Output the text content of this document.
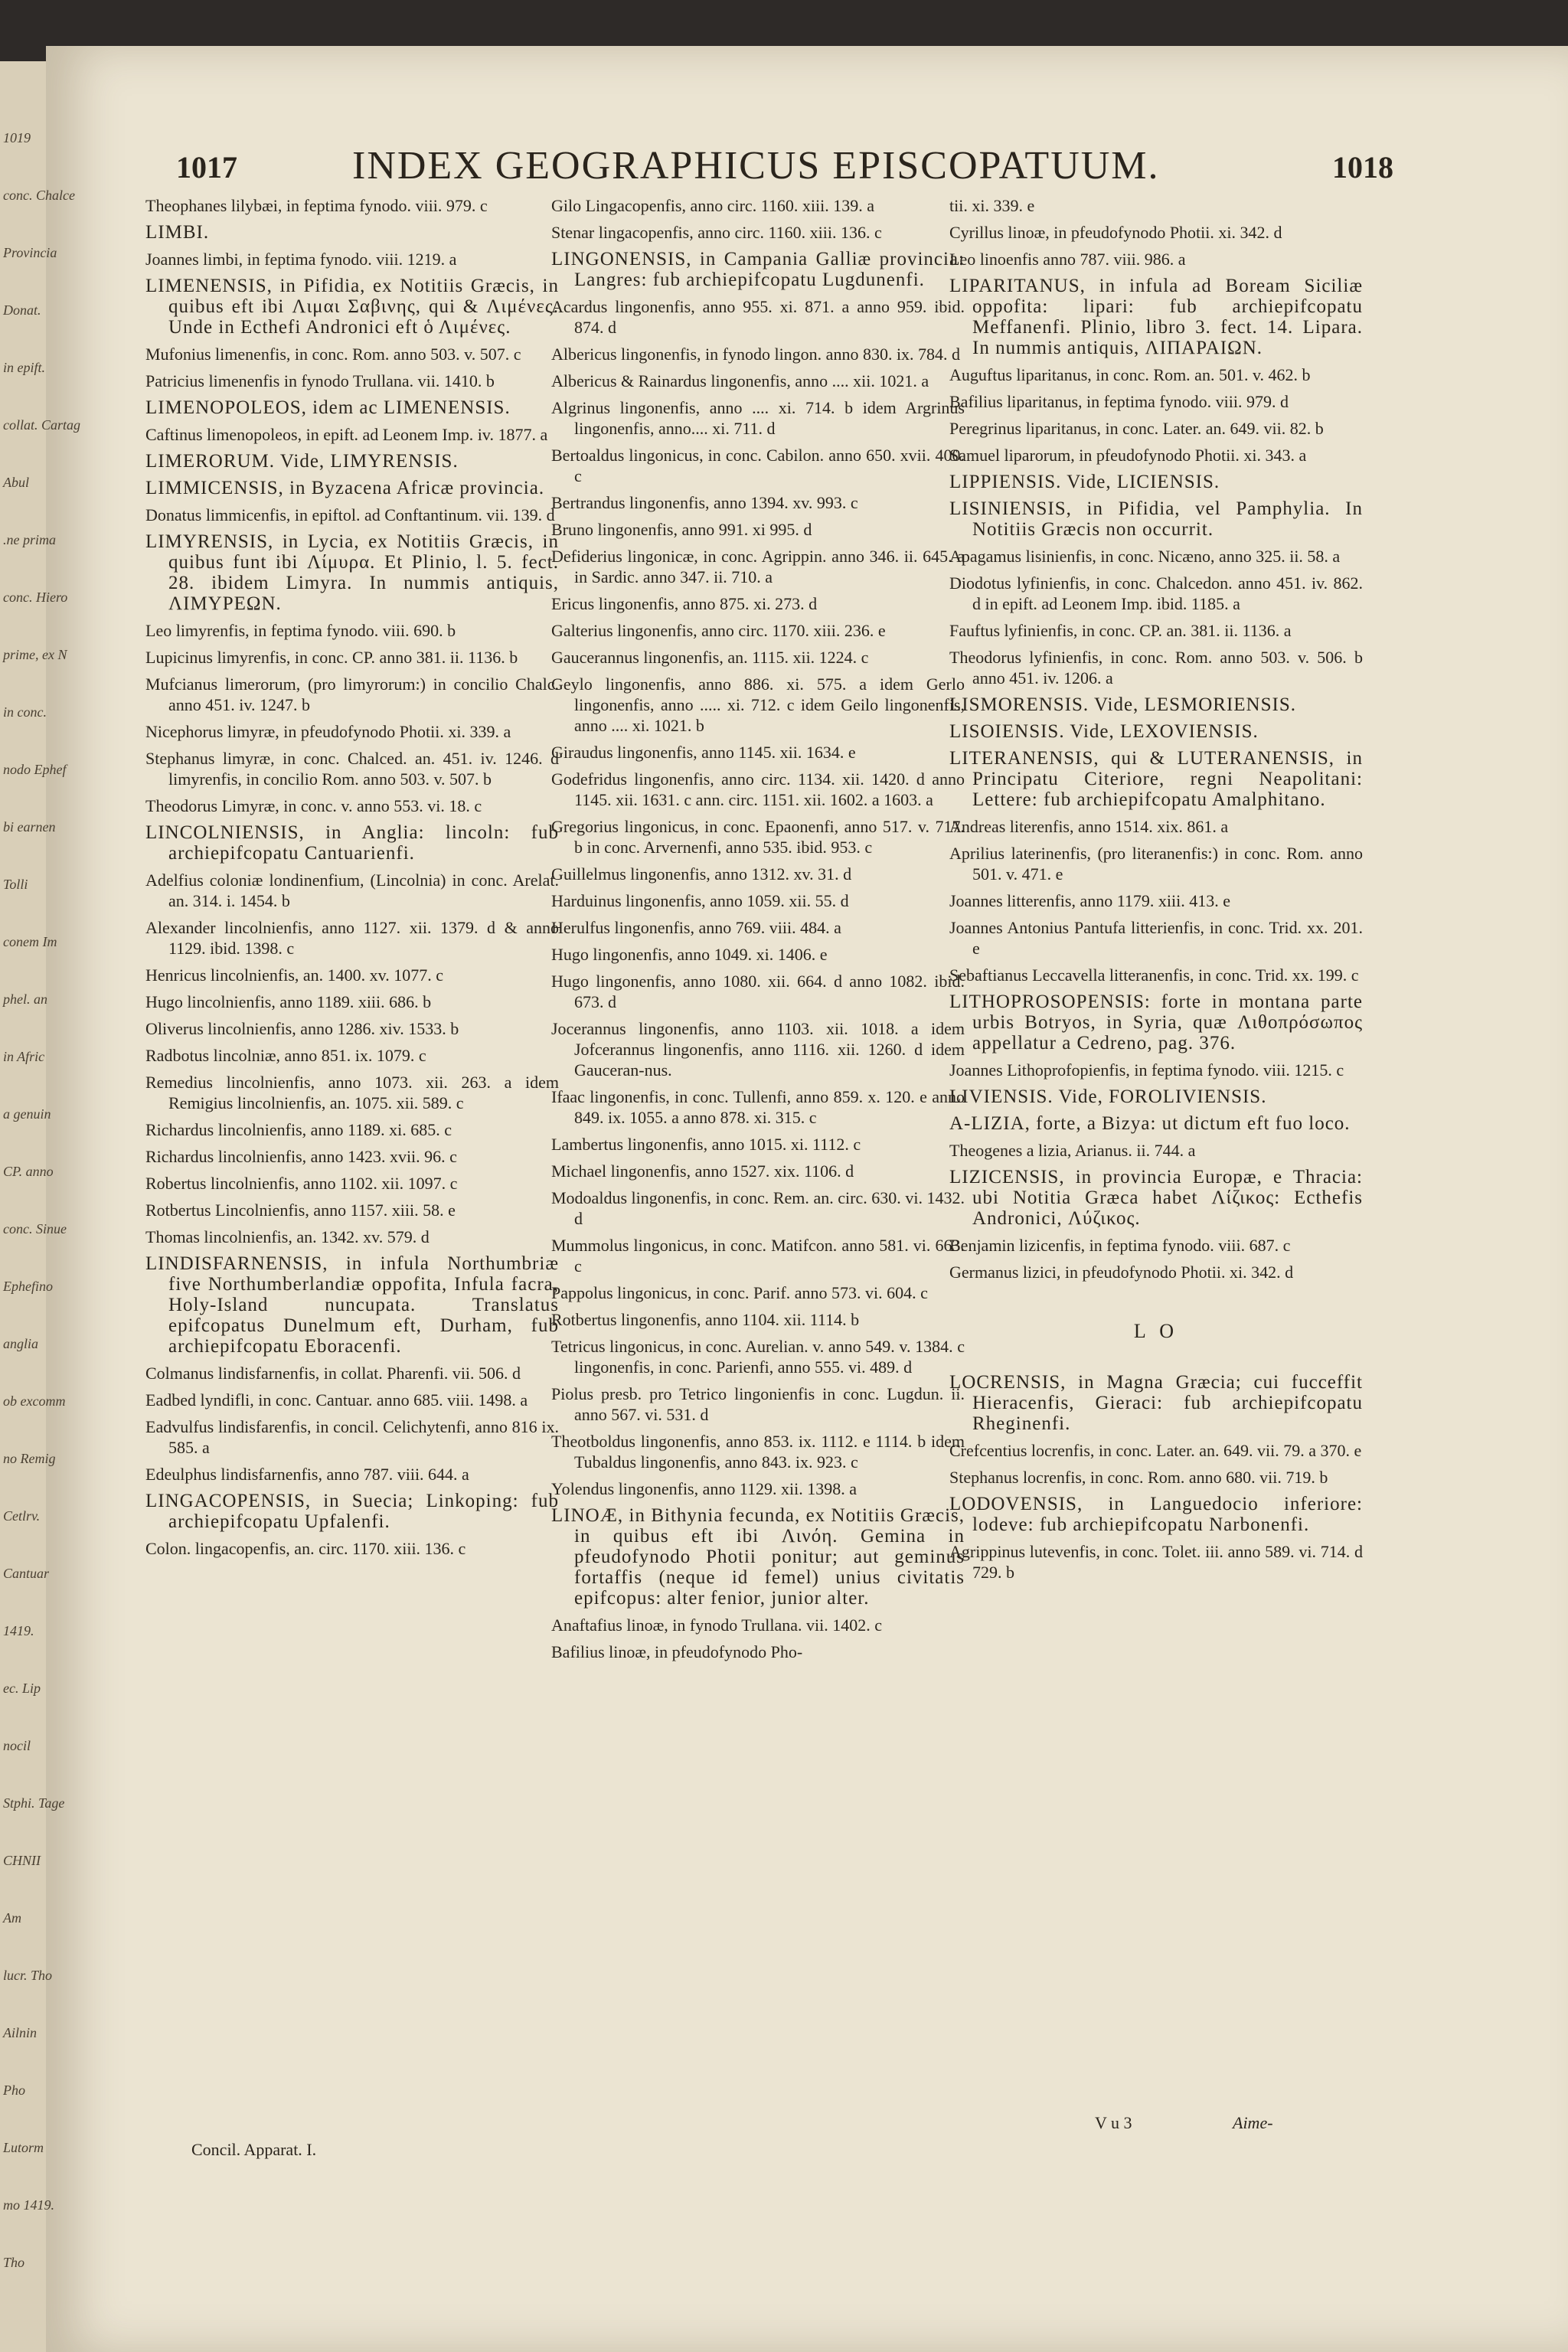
1019
conc. Chalce
Provincia
Donat.
in epift.
collat. Cartag
Abul
.ne prima
conc. Hiero
prime, ex N
in conc.
nodo Ephef
bi earnen
Tolli
conem Im
phel. an
in Afric
a genuin
CP. anno
conc. Sinue
Ephefino
anglia
ob excomm
no Remig
Cetlrv.
Cantuar
1419.
ec. Lip
nocil
Stphi. Tage
CHNII
Am
lucr. Tho
Ailnin
Pho
Lutorm
mo 1419.
Tho
1017	INDEX GEOGRAPHICUS EPISCOPATUUM.	1018

Theophanes lilybæi, in feptima fynodo. viii. 979. c

LIMBI.

Joannes limbi, in feptima fynodo. viii. 1219. a

LIMENENSIS, in Pifidia, ex Notitiis Græcis, in quibus eft ibi Λιμαι Σαβινης, qui & Λιμένες. Unde in Ecthefi Andronici eft ὁ Λιμένες.

Mufonius limenenfis, in conc. Rom. anno 503. v. 507. c

Patricius limenenfis in fynodo Trullana. vii. 1410. b

LIMENOPOLEOS, idem ac LIMENENSIS.

Caftinus limenopoleos, in epift. ad Leonem Imp. iv. 1877. a

LIMERORUM. Vide, LIMYRENSIS.

LIMMICENSIS, in Byzacena Africæ provincia.

Donatus limmicenfis, in epiftol. ad Conftantinum. vii. 139. d

LIMYRENSIS, in Lycia, ex Notitiis Græcis, in quibus funt ibi Λίμυρα. Et Plinio, l. 5. fect. 28. ibidem Limyra. In nummis antiquis, ΛΙΜΥΡΕΩΝ.

Leo limyrenfis, in feptima fynodo. viii. 690. b

Lupicinus limyrenfis, in conc. CP. anno 381. ii. 1136. b

Mufcianus limerorum, (pro limyrorum:) in concilio Chalc. anno 451. iv. 1247. b

Nicephorus limyræ, in pfeudofynodo Photii. xi. 339. a

Stephanus limyræ, in conc. Chalced. an. 451. iv. 1246. d limyrenfis, in concilio Rom. anno 503. v. 507. b

Theodorus Limyræ, in conc. v. anno 553. vi. 18. c

LINCOLNIENSIS, in Anglia: lincoln: fub archiepifcopatu Cantuarienfi.

Adelfius coloniæ londinenfium, (Lincolnia) in conc. Arelat. an. 314. i. 1454. b

Alexander lincolnienfis, anno 1127. xii. 1379. d & anno 1129. ibid. 1398. c

Henricus lincolnienfis, an. 1400. xv. 1077. c

Hugo lincolnienfis, anno 1189. xiii. 686. b

Oliverus lincolnienfis, anno 1286. xiv. 1533. b

Radbotus lincolniæ, anno 851. ix. 1079. c

Remedius lincolnienfis, anno 1073. xii. 263. a idem Remigius lincolnienfis, an. 1075. xii. 589. c

Richardus lincolnienfis, anno 1189. xi. 685. c

Richardus lincolnienfis, anno 1423. xvii. 96. c

Robertus lincolnienfis, anno 1102. xii. 1097. c

Rotbertus Lincolnienfis, anno 1157. xiii. 58. e

Thomas lincolnienfis, an. 1342. xv. 579. d

LINDISFARNENSIS, in infula Northumbriæ five Northumberlandiæ oppofita, Infula facra, Holy-Island nuncupata. Translatus epifcopatus Dunelmum eft, Durham, fub archiepifcopatu Eboracenfi.

Colmanus lindisfarnenfis, in collat. Pharenfi. vii. 506. d

Eadbed lyndifli, in conc. Cantuar. anno 685. viii. 1498. a

Eadvulfus lindisfarenfis, in concil. Celichytenfi, anno 816 ix. 585. a

Edeulphus lindisfarnenfis, anno 787. viii. 644. a

LINGACOPENSIS, in Suecia; Linkoping: fub archiepifcopatu Upfalenfi.

Colon. lingacopenfis, an. circ. 1170. xiii. 136. c

Gilo Lingacopenfis, anno circ. 1160. xiii. 139. a

Stenar lingacopenfis, anno circ. 1160. xiii. 136. c

LINGONENSIS, in Campania Galliæ provincia: Langres: fub archiepifcopatu Lugdunenfi.

Acardus lingonenfis, anno 955. xi. 871. a anno 959. ibid. 874. d

Albericus lingonenfis, in fynodo lingon. anno 830. ix. 784. d

Albericus & Rainardus lingonenfis, anno .... xii. 1021. a

Algrinus lingonenfis, anno .... xi. 714. b idem Argrinus lingonenfis, anno.... xi. 711. d

Bertoaldus lingonicus, in conc. Cabilon. anno 650. xvii. 400. c

Bertrandus lingonenfis, anno 1394. xv. 993. c

Bruno lingonenfis, anno 991. xi 995. d

Defiderius lingonicæ, in conc. Agrippin. anno 346. ii. 645. a in Sardic. anno 347. ii. 710. a

Ericus lingonenfis, anno 875. xi. 273. d

Galterius lingonenfis, anno circ. 1170. xiii. 236. e

Gaucerannus lingonenfis, an. 1115. xii. 1224. c

Geylo lingonenfis, anno 886. xi. 575. a idem Gerlo lingonenfis, anno ..... xi. 712. c idem Geilo lingonenfis, anno .... xi. 1021. b

Giraudus lingonenfis, anno 1145. xii. 1634. e

Godefridus lingonenfis, anno circ. 1134. xii. 1420. d anno 1145. xii. 1631. c ann. circ. 1151. xii. 1602. a 1603. a

Gregorius lingonicus, in conc. Epaonenfi, anno 517. v. 717. b in conc. Arvernenfi, anno 535. ibid. 953. c

Guillelmus lingonenfis, anno 1312. xv. 31. d

Harduinus lingonenfis, anno 1059. xii. 55. d

Herulfus lingonenfis, anno 769. viii. 484. a

Hugo lingonenfis, anno 1049. xi. 1406. e

Hugo lingonenfis, anno 1080. xii. 664. d anno 1082. ibid. 673. d

Jocerannus lingonenfis, anno 1103. xii. 1018. a idem Jofcerannus lingonenfis, anno 1116. xii. 1260. d idem Gauceran-nus.

Ifaac lingonenfis, in conc. Tullenfi, anno 859. x. 120. e anno 849. ix. 1055. a anno 878. xi. 315. c

Lambertus lingonenfis, anno 1015. xi. 1112. c

Michael lingonenfis, anno 1527. xix. 1106. d

Modoaldus lingonenfis, in conc. Rem. an. circ. 630. vi. 1432. d

Mummolus lingonicus, in conc. Matifcon. anno 581. vi. 663. c

Pappolus lingonicus, in conc. Parif. anno 573. vi. 604. c

Rotbertus lingonenfis, anno 1104. xii. 1114. b

Tetricus lingonicus, in conc. Aurelian. v. anno 549. v. 1384. c lingonenfis, in conc. Parienfi, anno 555. vi. 489. d

Piolus presb. pro Tetrico lingonienfis in conc. Lugdun. ii. anno 567. vi. 531. d

Theotboldus lingonenfis, anno 853. ix. 1112. e 1114. b idem Tubaldus lingonenfis, anno 843. ix. 923. c

Yolendus lingonenfis, anno 1129. xii. 1398. a

LINOÆ, in Bithynia fecunda, ex Notitiis Græcis, in quibus eft ibi Λινόη. Gemina in pfeudofynodo Photii ponitur; aut geminus fortaffis (neque id femel) unius civitatis epifcopus: alter fenior, junior alter.

Anaftafius linoæ, in fynodo Trullana. vii. 1402. c

Bafilius linoæ, in pfeudofynodo Pho-

tii. xi. 339. e

Cyrillus linoæ, in pfeudofynodo Photii. xi. 342. d

Leo linoenfis anno 787. viii. 986. a

LIPARITANUS, in infula ad Boream Siciliæ oppofita: lipari: fub archiepifcopatu Meffanenfi. Plinio, libro 3. fect. 14. Lipara. In nummis antiquis, ΛΙΠΑΡΑΙΩΝ.

Auguftus liparitanus, in conc. Rom. an. 501. v. 462. b

Bafilius liparitanus, in feptima fynodo. viii. 979. d

Peregrinus liparitanus, in conc. Later. an. 649. vii. 82. b

Samuel liparorum, in pfeudofynodo Photii. xi. 343. a

LIPPIENSIS. Vide, LICIENSIS.

LISINIENSIS, in Pifidia, vel Pamphylia. In Notitiis Græcis non occurrit.

Apagamus lisinienfis, in conc. Nicæno, anno 325. ii. 58. a

Diodotus lyfinienfis, in conc. Chalcedon. anno 451. iv. 862. d in epift. ad Leonem Imp. ibid. 1185. a

Fauftus lyfinienfis, in conc. CP. an. 381. ii. 1136. a

Theodorus lyfinienfis, in conc. Rom. anno 503. v. 506. b anno 451. iv. 1206. a

LISMORENSIS. Vide, LESMORIENSIS.

LISOIENSIS. Vide, LEXOVIENSIS.

LITERANENSIS, qui & LUTERANENSIS, in Principatu Citeriore, regni Neapolitani: Lettere: fub archiepifcopatu Amalphitano.

Andreas literenfis, anno 1514. xix. 861. a

Aprilius laterinenfis, (pro literanenfis:) in conc. Rom. anno 501. v. 471. e

Joannes litterenfis, anno 1179. xiii. 413. e

Joannes Antonius Pantufa litterienfis, in conc. Trid. xx. 201. e

Sebaftianus Leccavella litteranenfis, in conc. Trid. xx. 199. c

LITHOPROSOPENSIS: forte in montana parte urbis Botryos, in Syria, quæ Λιθοπρόσωπος appellatur a Cedreno, pag. 376.

Joannes Lithoprofopienfis, in feptima fynodo. viii. 1215. c

LIVIENSIS. Vide, FOROLIVIENSIS.

A-LIZIA, forte, a Bizya: ut dictum eft fuo loco.

Theogenes a lizia, Arianus. ii. 744. a

LIZICENSIS, in provincia Europæ, e Thracia: ubi Notitia Græca habet Λίζικος: Ecthefis Andronici, Λύζικος.

Benjamin lizicenfis, in feptima fynodo. viii. 687. c

Germanus lizici, in pfeudofynodo Photii. xi. 342. d

L O

LOCRENSIS, in Magna Græcia; cui fucceffit Hieracenfis, Gieraci: fub archiepifcopatu Rheginenfi.

Crefcentius locrenfis, in conc. Later. an. 649. vii. 79. a 370. e

Stephanus locrenfis, in conc. Rom. anno 680. vii. 719. b

LODOVENSIS, in Languedocio inferiore: lodeve: fub archiepifcopatu Narbonenfi.

Agrippinus lutevenfis, in conc. Tolet. iii. anno 589. vi. 714. d 729. b

Concil. Apparat. I.
V u 3	Aime-
